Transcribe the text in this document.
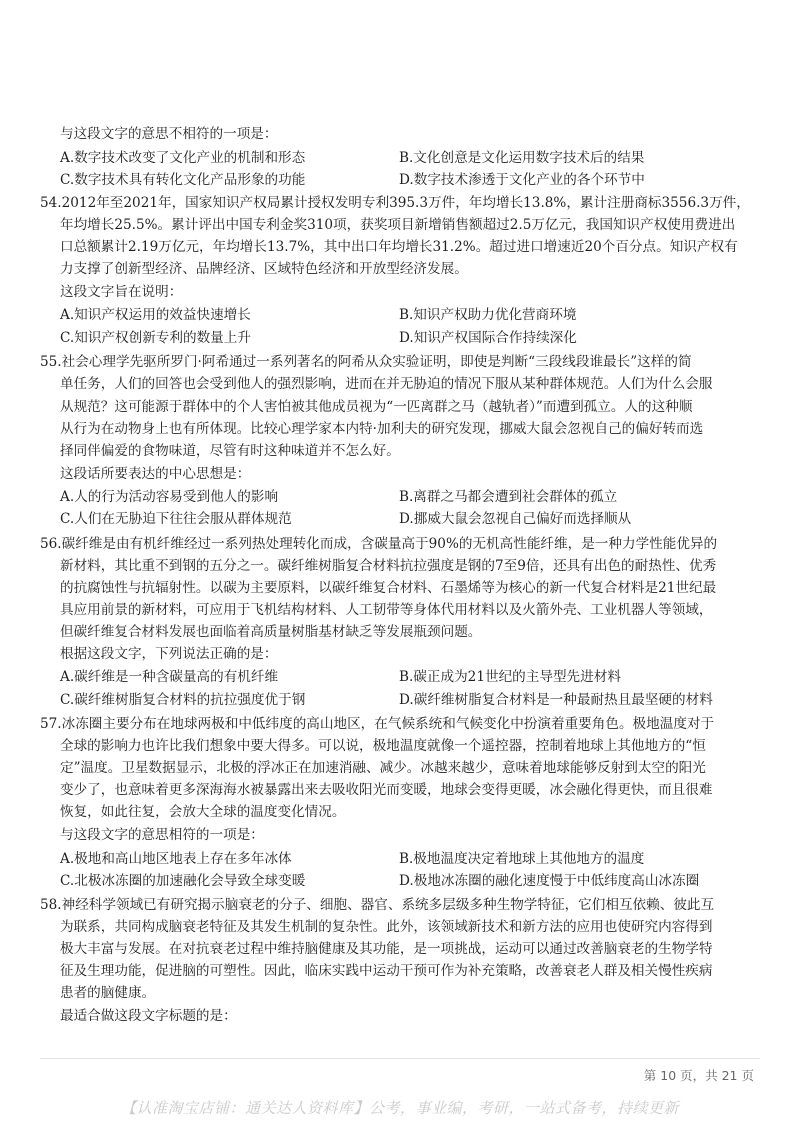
与这段文字的意思不相符的一项是：
A.数字技术改变了文化产业的机制和形态	B.文化创意是文化运用数字技术后的结果
C.数字技术具有转化文化产品形象的功能	D.数字技术渗透于文化产业的各个环节中
54.2012年至2021年，国家知识产权局累计授权发明专利395.3万件，年均增长13.8%，累计注册商标3556.3万件，
年均增长25.5%。累计评出中国专利金奖310项，获奖项目新增销售额超过2.5万亿元，我国知识产权使用费进出
口总额累计2.19万亿元，年均增长13.7%，其中出口年均增长31.2%。超过进口增速近20个百分点。知识产权有
力支撑了创新型经济、品牌经济、区域特色经济和开放型经济发展。
这段文字旨在说明：
A.知识产权运用的效益快速增长	B.知识产权助力优化营商环境
C.知识产权创新专利的数量上升	D.知识产权国际合作持续深化
55.社会心理学先驱所罗门·阿希通过一系列著名的阿希从众实验证明，即使是判断“三段线段谁最长”这样的简
单任务，人们的回答也会受到他人的强烈影响，进而在并无胁迫的情况下服从某种群体规范。人们为什么会服
从规范？这可能源于群体中的个人害怕被其他成员视为“一匹离群之马（越轨者）”而遭到孤立。人的这种顺
从行为在动物身上也有所体现。比较心理学家本内特·加利夫的研究发现，挪威大鼠会忽视自己的偏好转而选
择同伴偏爱的食物味道，尽管有时这种味道并不怎么好。
这段话所要表达的中心思想是：
A.人的行为活动容易受到他人的影响	B.离群之马都会遭到社会群体的孤立
C.人们在无胁迫下往往会服从群体规范	D.挪威大鼠会忽视自己偏好而选择顺从
56.碳纤维是由有机纤维经过一系列热处理转化而成，含碳量高于90%的无机高性能纤维，是一种力学性能优异的
新材料，其比重不到钢的五分之一。碳纤维树脂复合材料抗拉强度是钢的7至9倍，还具有出色的耐热性、优秀
的抗腐蚀性与抗辐射性。以碳为主要原料，以碳纤维复合材料、石墨烯等为核心的新一代复合材料是21世纪最
具应用前景的新材料，可应用于飞机结构材料、人工韧带等身体代用材料以及火箭外壳、工业机器人等领域，
但碳纤维复合材料发展也面临着高质量树脂基材缺乏等发展瓶颈问题。
根据这段文字，下列说法正确的是：
A.碳纤维是一种含碳量高的有机纤维	B.碳正成为21世纪的主导型先进材料
C.碳纤维树脂复合材料的抗拉强度优于钢	D.碳纤维树脂复合材料是一种最耐热且最坚硬的材料
57.冰冻圈主要分布在地球两极和中低纬度的高山地区，在气候系统和气候变化中扮演着重要角色。极地温度对于
全球的影响力也许比我们想象中要大得多。可以说，极地温度就像一个遥控器，控制着地球上其他地方的“恒
定”温度。卫星数据显示，北极的浮冰正在加速消融、减少。冰越来越少，意味着地球能够反射到太空的阳光
变少了，也意味着更多深海海水被暴露出来去吸收阳光而变暖，地球会变得更暖，冰会融化得更快，而且很难
恢复，如此往复，会放大全球的温度变化情况。
与这段文字的意思相符的一项是：
A.极地和高山地区地表上存在多年冰体	B.极地温度决定着地球上其他地方的温度
C.北极冰冻圈的加速融化会导致全球变暖	D.极地冰冻圈的融化速度慢于中低纬度高山冰冻圈
58.神经科学领域已有研究揭示脑衰老的分子、细胞、器官、系统多层级多种生物学特征，它们相互依赖、彼此互
为联系，共同构成脑衰老特征及其发生机制的复杂性。此外，该领域新技术和新方法的应用也使研究内容得到
极大丰富与发展。在对抗衰老过程中维持脑健康及其功能，是一项挑战，运动可以通过改善脑衰老的生物学特
征及生理功能，促进脑的可塑性。因此，临床实践中运动干预可作为补充策略，改善衰老人群及相关慢性疾病
患者的脑健康。
最适合做这段文字标题的是：
第 10 页，共 21 页
【认准淘宝店铺：通关达人资料库】公考，事业编，考研，一站式备考，持续更新
